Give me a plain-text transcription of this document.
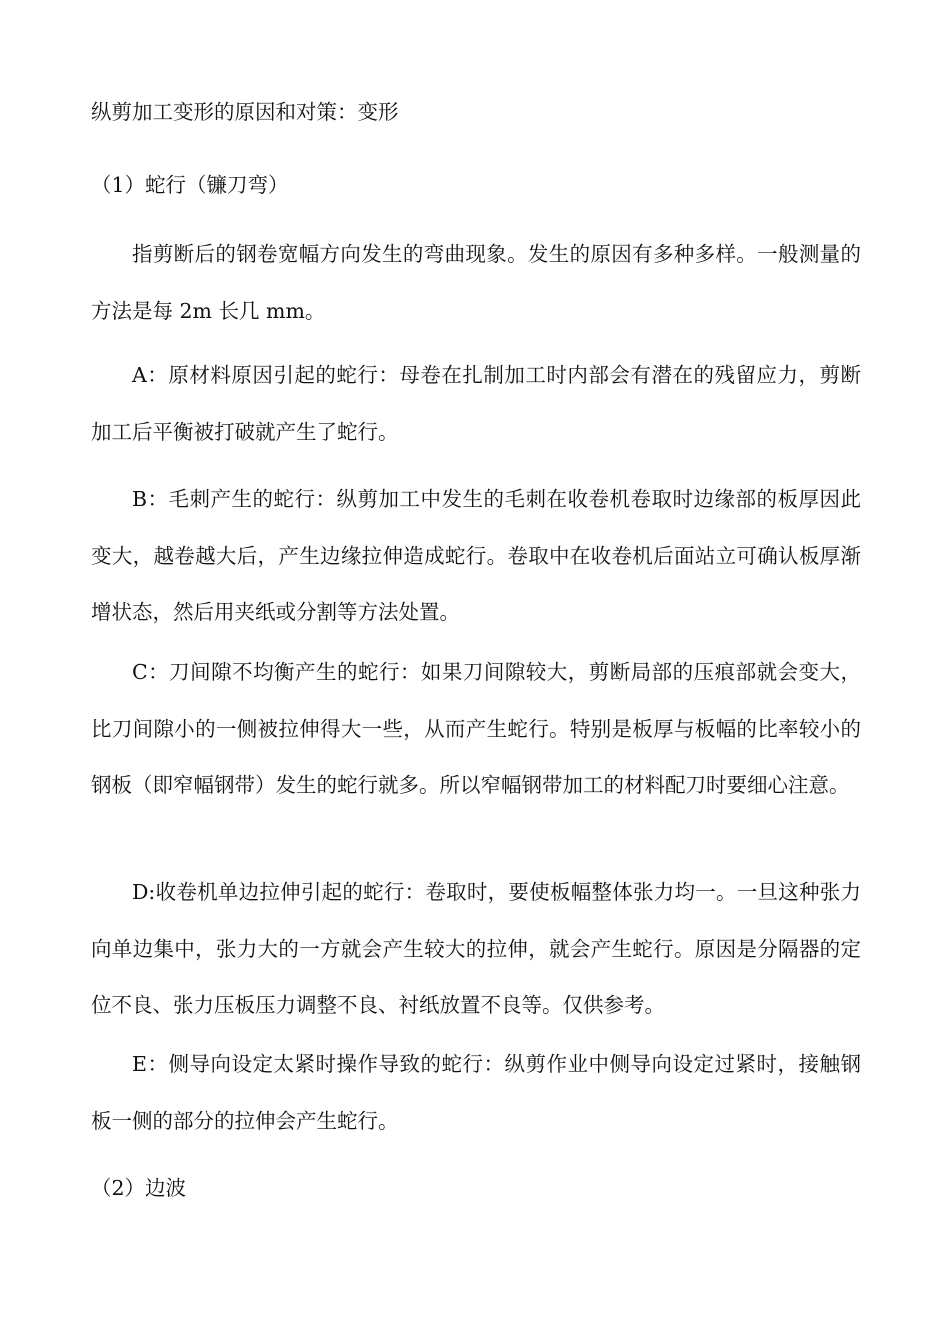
纵剪加工变形的原因和对策：变形

（1）蛇行（镰刀弯）

指剪断后的钢卷宽幅方向发生的弯曲现象。发生的原因有多种多样。一般测量的方法是每 2m 长几 mm。

A：原材料原因引起的蛇行：母卷在扎制加工时内部会有潜在的残留应力，剪断加工后平衡被打破就产生了蛇行。

B：毛刺产生的蛇行：纵剪加工中发生的毛刺在收卷机卷取时边缘部的板厚因此变大，越卷越大后，产生边缘拉伸造成蛇行。卷取中在收卷机后面站立可确认板厚渐增状态，然后用夹纸或分割等方法处置。

C：刀间隙不均衡产生的蛇行：如果刀间隙较大，剪断局部的压痕部就会变大，比刀间隙小的一侧被拉伸得大一些，从而产生蛇行。特别是板厚与板幅的比率较小的钢板（即窄幅钢带）发生的蛇行就多。所以窄幅钢带加工的材料配刀时要细心注意。

D:收卷机单边拉伸引起的蛇行：卷取时，要使板幅整体张力均一。一旦这种张力向单边集中，张力大的一方就会产生较大的拉伸，就会产生蛇行。原因是分隔器的定位不良、张力压板压力调整不良、衬纸放置不良等。仅供参考。

E：侧导向设定太紧时操作导致的蛇行：纵剪作业中侧导向设定过紧时，接触钢板一侧的部分的拉伸会产生蛇行。

（2）边波
